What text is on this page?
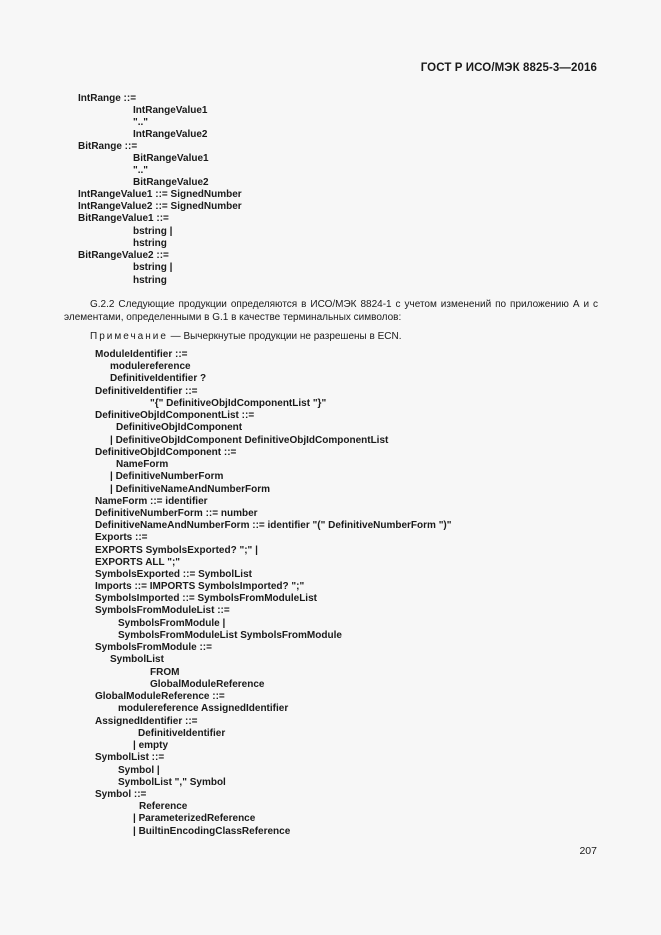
ГОСТ Р ИСО/МЭК 8825-3—2016
IntRange ::=
IntRangeValue1
".."
IntRangeValue2
BitRange ::=
BitRangeValue1
".."
BitRangeValue2
IntRangeValue1 ::= SignedNumber
IntRangeValue2 ::= SignedNumber
BitRangeValue1 ::=
bstring |
hstring
BitRangeValue2 ::=
bstring |
hstring
G.2.2 Следующие продукции определяются в ИСО/МЭК 8824-1 с учетом изменений по приложению А и с элементами, определенными в G.1 в качестве терминальных символов:
Примечание — Вычеркнутые продукции не разрешены в ECN.
ModuleIdentifier ::=
modulereference
DefinitiveIdentifier ?
DefinitiveIdentifier ::=
"{" DefinitiveObjIdComponentList "}"
DefinitiveObjIdComponentList ::=
DefinitiveObjIdComponent
| DefinitiveObjIdComponent DefinitiveObjIdComponentList
DefinitiveObjIdComponent ::=
NameForm
| DefinitiveNumberForm
| DefinitiveNameAndNumberForm
NameForm ::= identifier
DefinitiveNumberForm ::= number
DefinitiveNameAndNumberForm ::= identifier "(" DefinitiveNumberForm ")"
Exports ::=
EXPORTS SymbolsExported? ";" |
EXPORTS ALL ";"
SymbolsExported ::= SymbolList
Imports ::= IMPORTS SymbolsImported? ";"
SymbolsImported ::= SymbolsFromModuleList
SymbolsFromModuleList ::=
SymbolsFromModule |
SymbolsFromModuleList SymbolsFromModule
SymbolsFromModule ::=
SymbolList
FROM
GlobalModuleReference
GlobalModuleReference ::=
modulereference AssignedIdentifier
AssignedIdentifier ::=
DefinitiveIdentifier
| empty
SymbolList ::=
Symbol |
SymbolList "," Symbol
Symbol ::=
Reference
| ParameterizedReference
| BuiltinEncodingClassReference
207
